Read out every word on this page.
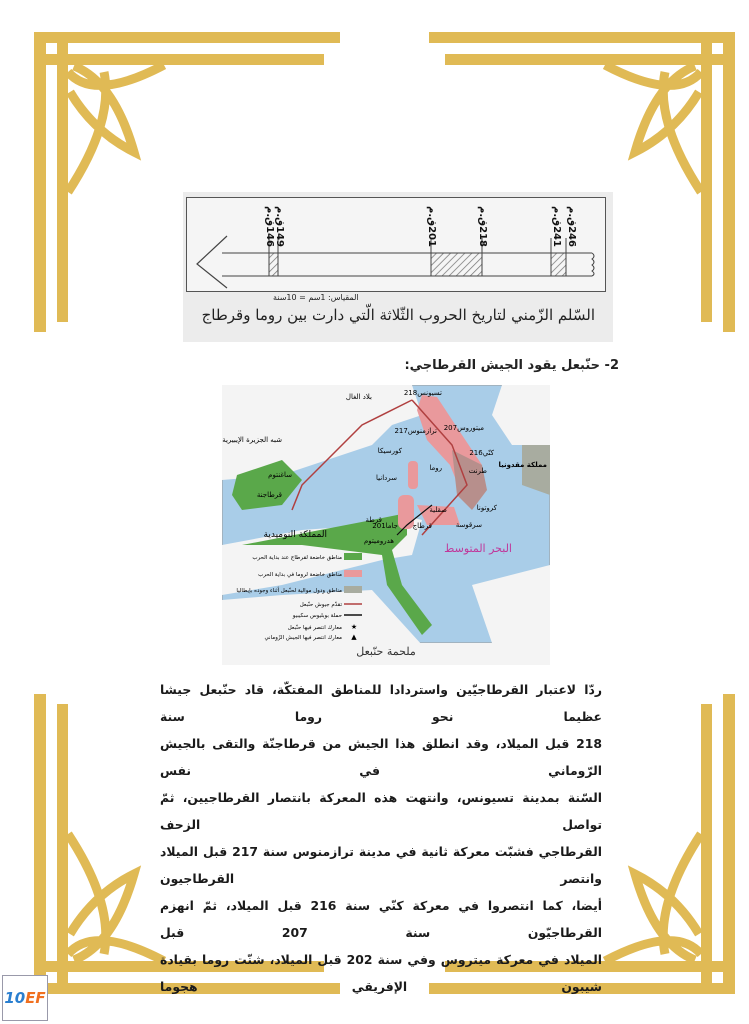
246ق.م
241ق.م
218ق.م
201ق.م
149ق.م
146ق.م
المقياس: 1سم = 10سنة
السّلم الزّمني لتاريخ الحروب الثّلاثة الّتي دارت بين روما وقرطاج
2- حنّبعل يقود الجيش القرطاجي:
بلاد الغال
شبه الجزيرة الإيبيرية
ساغنتوم
قرطاجنة
تسيونس218
ترازمنوس217 ميتوروس207
كنّي216
كورسيكا
سردانيا
روما	طرنت
كروتونا
مملكة مقدونيا
قرطاج	سرقوسة
صقلية
المملكة النوميدية
جاما201
هدروميتوم
قرطة
البحر المتوسط
★
▲
مناطق خاضعة لقرطاج عند بداية الحرب
مناطق خاضعة لروما في بداية الحرب
مناطق ودول موالية لحنّبعل أثناء وجوده بإيطاليا
تقدّم جيوش حنّبعل
حملة بوبليوس سكيبيو
معارك انتصر فيها حنّبعل
معارك انتصر فيها الجيش الرّوماني
ملحمة حنّبعل
ردّا لاعتبار القرطاجيّين واستردادا للمناطق المفتكّة، قاد حنّبعل جيشا عظيما نحو روما سنة
218 قبل الميلاد، وقد انطلق هذا الجيش من قرطاجنّة والتقى بالجيش الرّوماني في نفس
السّنة بمدينة تسيونس، وانتهت هذه المعركة بانتصار القرطاجيين، ثمّ تواصل الزحف
القرطاجي فشبّت معركة ثانية في مدينة ترازمنوس سنة 217 قبل الميلاد وانتصر القرطاجيون
أيضا، كما انتصروا في معركة كنّي سنة 216 قبل الميلاد، ثمّ انهزم القرطاجيّون سنة 207 قبل
الميلاد في معركة ميتروس وفي سنة 202 قبل الميلاد، شنّت روما بقيادة شيبون الإفريقي هجوما
10 EF
